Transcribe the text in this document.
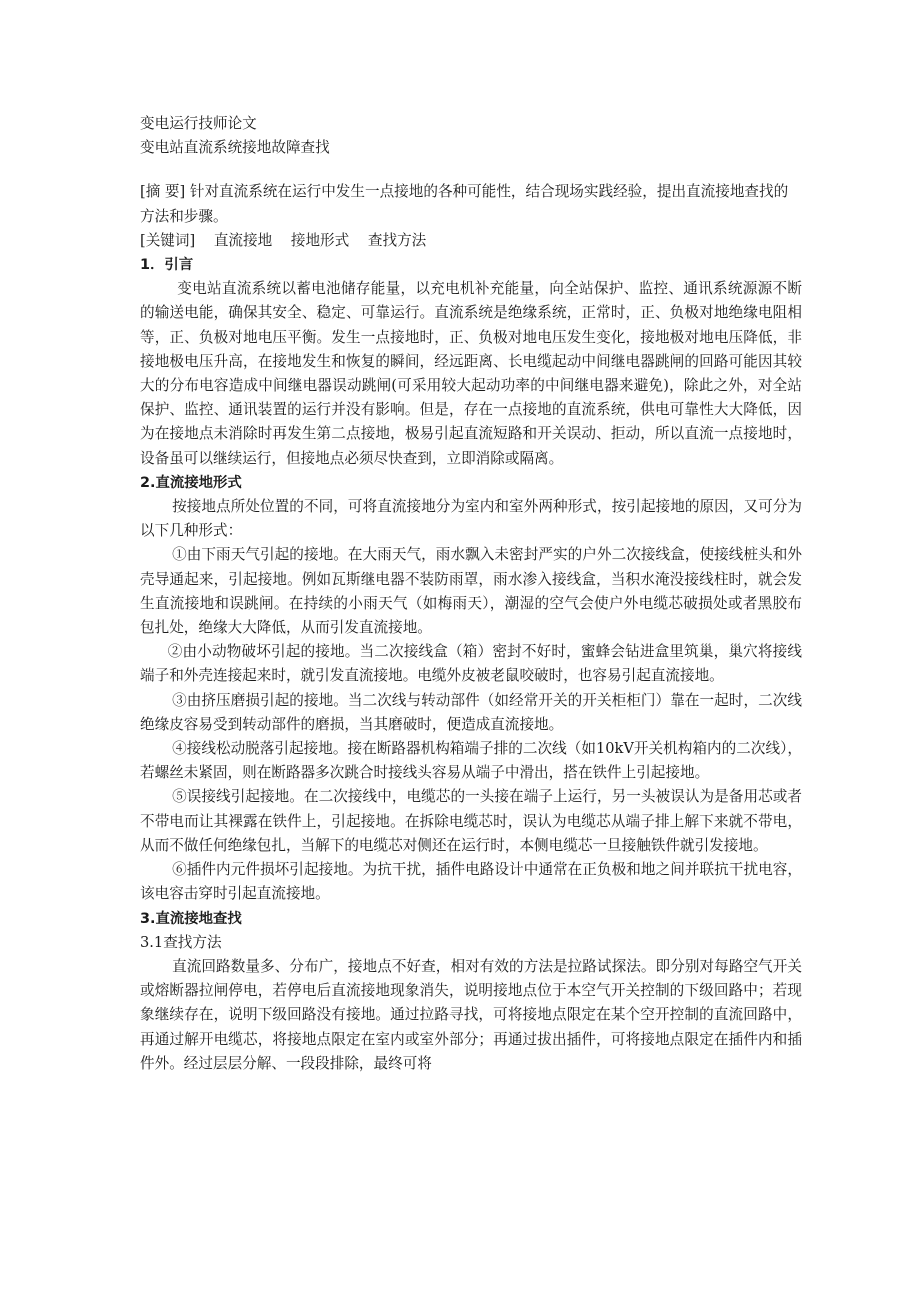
变电运行技师论文

变电站直流系统接地故障查找

[摘 要] 针对直流系统在运行中发生一点接地的各种可能性，结合现场实践经验，提出直流接地查找的方法和步骤。

[关键词] 直流接地 接地形式 查找方法

1．引言

变电站直流系统以蓄电池储存能量，以充电机补充能量，向全站保护、监控、通讯系统源源不断的输送电能，确保其安全、稳定、可靠运行。直流系统是绝缘系统，正常时，正、负极对地绝缘电阻相等，正、负极对地电压平衡。发生一点接地时，正、负极对地电压发生变化，接地极对地电压降低，非接地极电压升高，在接地发生和恢复的瞬间，经远距离、长电缆起动中间继电器跳闸的回路可能因其较大的分布电容造成中间继电器误动跳闸(可采用较大起动功率的中间继电器来避免)，除此之外，对全站保护、监控、通讯装置的运行并没有影响。但是，存在一点接地的直流系统，供电可靠性大大降低，因为在接地点未消除时再发生第二点接地，极易引起直流短路和开关误动、拒动，所以直流一点接地时，设备虽可以继续运行，但接地点必须尽快查到，立即消除或隔离。

2.直流接地形式

按接地点所处位置的不同，可将直流接地分为室内和室外两种形式，按引起接地的原因，又可分为以下几种形式：

①由下雨天气引起的接地。在大雨天气，雨水飘入未密封严实的户外二次接线盒，使接线桩头和外壳导通起来，引起接地。例如瓦斯继电器不装防雨罩，雨水渗入接线盒，当积水淹没接线柱时，就会发生直流接地和误跳闸。在持续的小雨天气（如梅雨天），潮湿的空气会使户外电缆芯破损处或者黑胶布包扎处，绝缘大大降低，从而引发直流接地。

②由小动物破坏引起的接地。当二次接线盒（箱）密封不好时，蜜蜂会钻进盒里筑巢，巢穴将接线端子和外壳连接起来时，就引发直流接地。电缆外皮被老鼠咬破时，也容易引起直流接地。

③由挤压磨损引起的接地。当二次线与转动部件（如经常开关的开关柜柜门）靠在一起时，二次线绝缘皮容易受到转动部件的磨损，当其磨破时，便造成直流接地。

④接线松动脱落引起接地。接在断路器机构箱端子排的二次线（如10kV开关机构箱内的二次线），若螺丝未紧固，则在断路器多次跳合时接线头容易从端子中滑出，搭在铁件上引起接地。

⑤误接线引起接地。在二次接线中，电缆芯的一头接在端子上运行，另一头被误认为是备用芯或者不带电而让其裸露在铁件上，引起接地。在拆除电缆芯时，误认为电缆芯从端子排上解下来就不带电，从而不做任何绝缘包扎，当解下的电缆芯对侧还在运行时，本侧电缆芯一旦接触铁件就引发接地。

⑥插件内元件损坏引起接地。为抗干扰，插件电路设计中通常在正负极和地之间并联抗干扰电容，该电容击穿时引起直流接地。

3.直流接地查找

3.1查找方法

直流回路数量多、分布广，接地点不好查，相对有效的方法是拉路试探法。即分别对每路空气开关或熔断器拉闸停电，若停电后直流接地现象消失，说明接地点位于本空气开关控制的下级回路中；若现象继续存在，说明下级回路没有接地。通过拉路寻找，可将接地点限定在某个空开控制的直流回路中，再通过解开电缆芯，将接地点限定在室内或室外部分；再通过拔出插件，可将接地点限定在插件内和插件外。经过层层分解、一段段排除，最终可将
